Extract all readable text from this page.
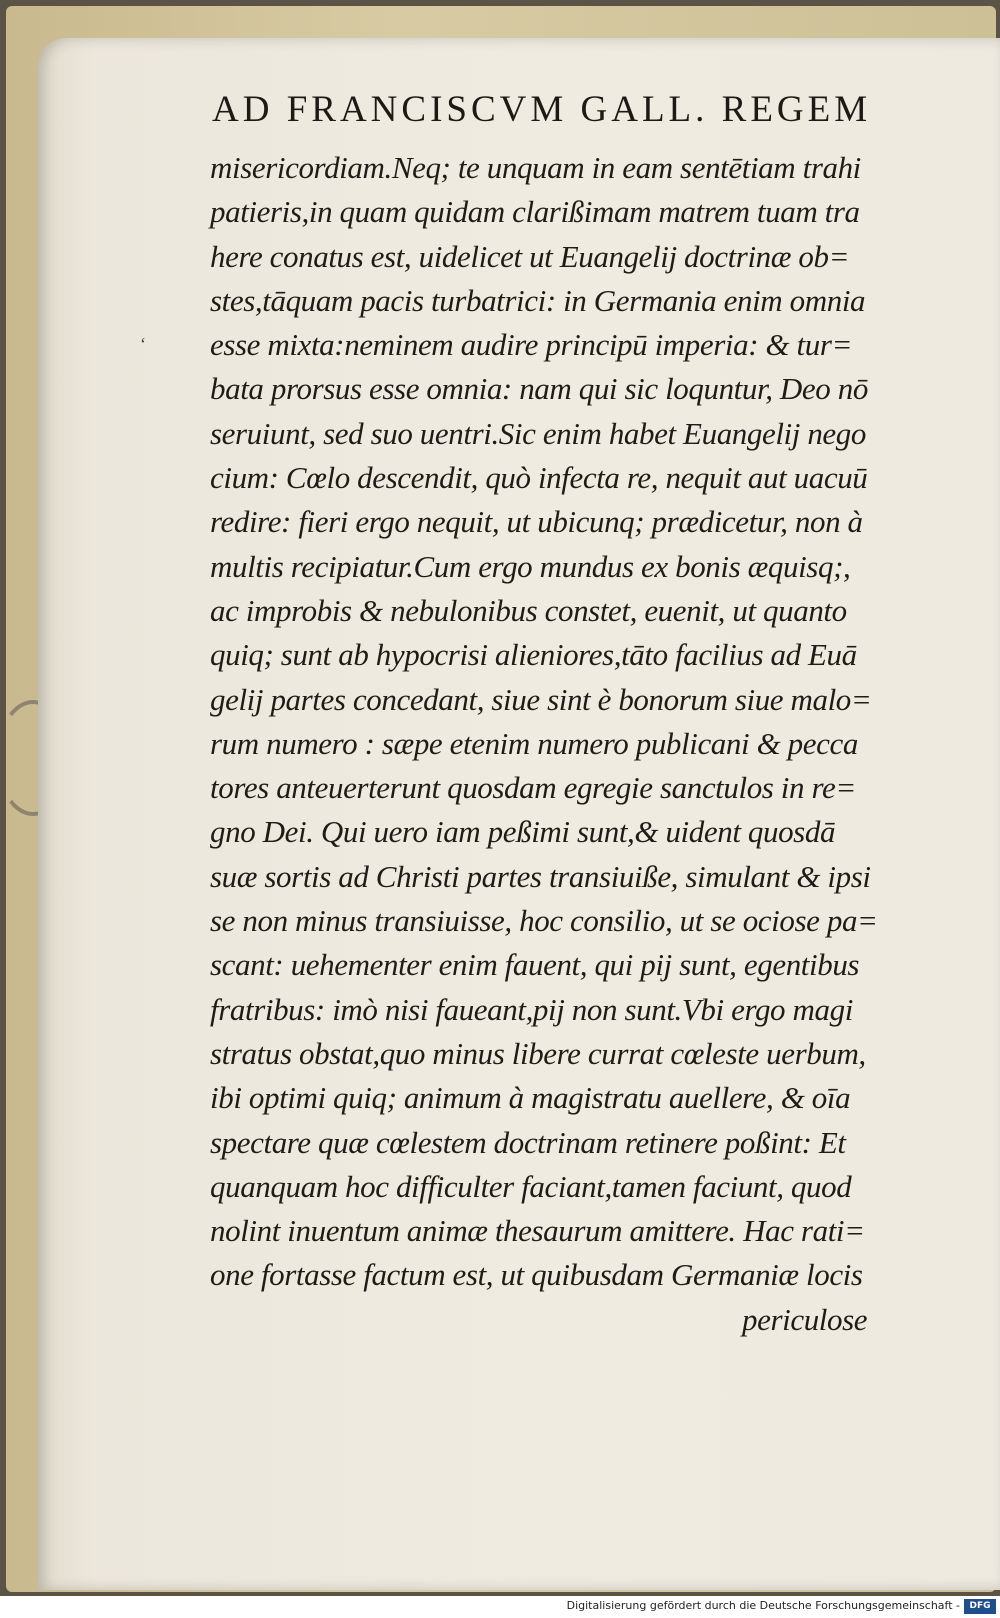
‘
AD FRANCISCVM GALL. REGEM
misericordiam.Neq; te unquam in eam sentētiam trahi
patieris,in quam quidam clarißimam matrem tuam tra
here conatus est, uidelicet ut Euangelij doctrinæ ob=
stes,tāquam pacis turbatrici: in Germania enim omnia
esse mixta:neminem audire principū imperia: & tur=
bata prorsus esse omnia: nam qui sic loquntur, Deo nō
seruiunt, sed suo uentri.Sic enim habet Euangelij nego
cium: Cœlo descendit, quò infecta re, nequit aut uacuū
redire: fieri ergo nequit, ut ubicunq; prædicetur, non à
multis recipiatur.Cum ergo mundus ex bonis æquisq;,
ac improbis & nebulonibus constet, euenit, ut quanto
quiq; sunt ab hypocrisi alieniores,tāto facilius ad Euā
gelij partes concedant, siue sint è bonorum siue malo=
rum numero : sæpe etenim numero publicani & pecca
tores anteuerterunt quosdam egregie sanctulos in re=
gno Dei. Qui uero iam peßimi sunt,& uident quosdā
suæ sortis ad Christi partes transiuiße, simulant & ipsi
se non minus transiuisse, hoc consilio, ut se ociose pa=
scant: uehementer enim fauent, qui pij sunt, egentibus
fratribus: imò nisi faueant,pij non sunt.Vbi ergo magi
stratus obstat,quo minus libere currat cœleste uerbum,
ibi optimi quiq; animum à magistratu auellere, & oīa
spectare quæ cœlestem doctrinam retinere poßint: Et
quanquam hoc difficulter faciant,tamen faciunt, quod
nolint inuentum animæ thesaurum amittere. Hac rati=
one fortasse factum est, ut quibusdam Germaniæ locis
periculose
Digitalisierung gefördert durch die Deutsche Forschungsgemeinschaft -	DFG
